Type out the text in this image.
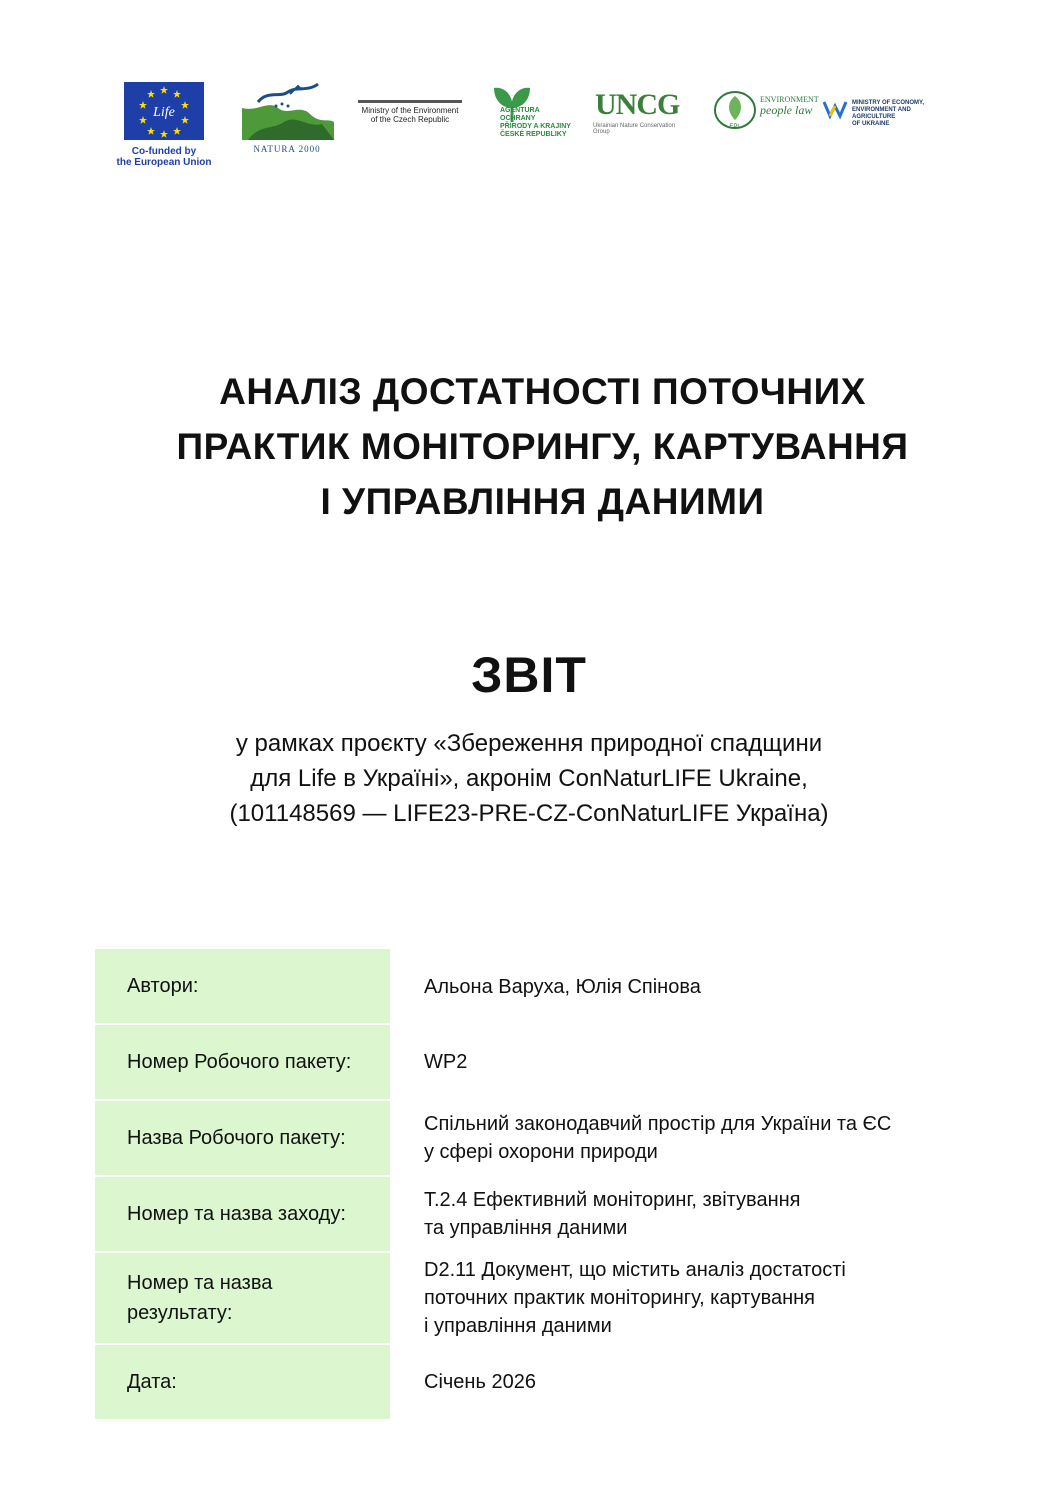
Life
Co-funded by
the European Union
NATURA 2000
Ministry of the Environment
of the Czech Republic
AGENTURA OCHRANY
PŘÍRODY A KRAJINY
ČESKÉ REPUBLIKY
UNCG
Ukrainian Nature Conservation Group
EPL
ENVIRONMENT
people law	MINISTRY OF ECONOMY,
ENVIRONMENT AND AGRICULTURE
OF UKRAINE
АНАЛІЗ ДОСТАТНОСТІ ПОТОЧНИХ
ПРАКТИК МОНІТОРИНГУ, КАРТУВАННЯ
І УПРАВЛІННЯ ДАНИМИ
ЗВІТ
у рамках проєкту «Збереження природної спадщини
для Life в Україні», акронім ConNaturLIFE Ukraine,
(101148569 — LIFE23-PRE-CZ-ConNaturLIFE Україна)
Автори:	Альона Варуха, Юлія Спінова

Номер Робочого пакету:	WP2

Назва Робочого пакету:	Спільний законодавчий простір для України та ЄС
у сфері охорони природи

Номер та назва заходу:	Т.2.4 Ефективний моніторинг, звітування
та управління даними

Номер та назва
результату:	D2.11 Документ, що містить аналіз достатості
поточних практик моніторингу, картування
і управління даними

Дата:	Січень 2026
